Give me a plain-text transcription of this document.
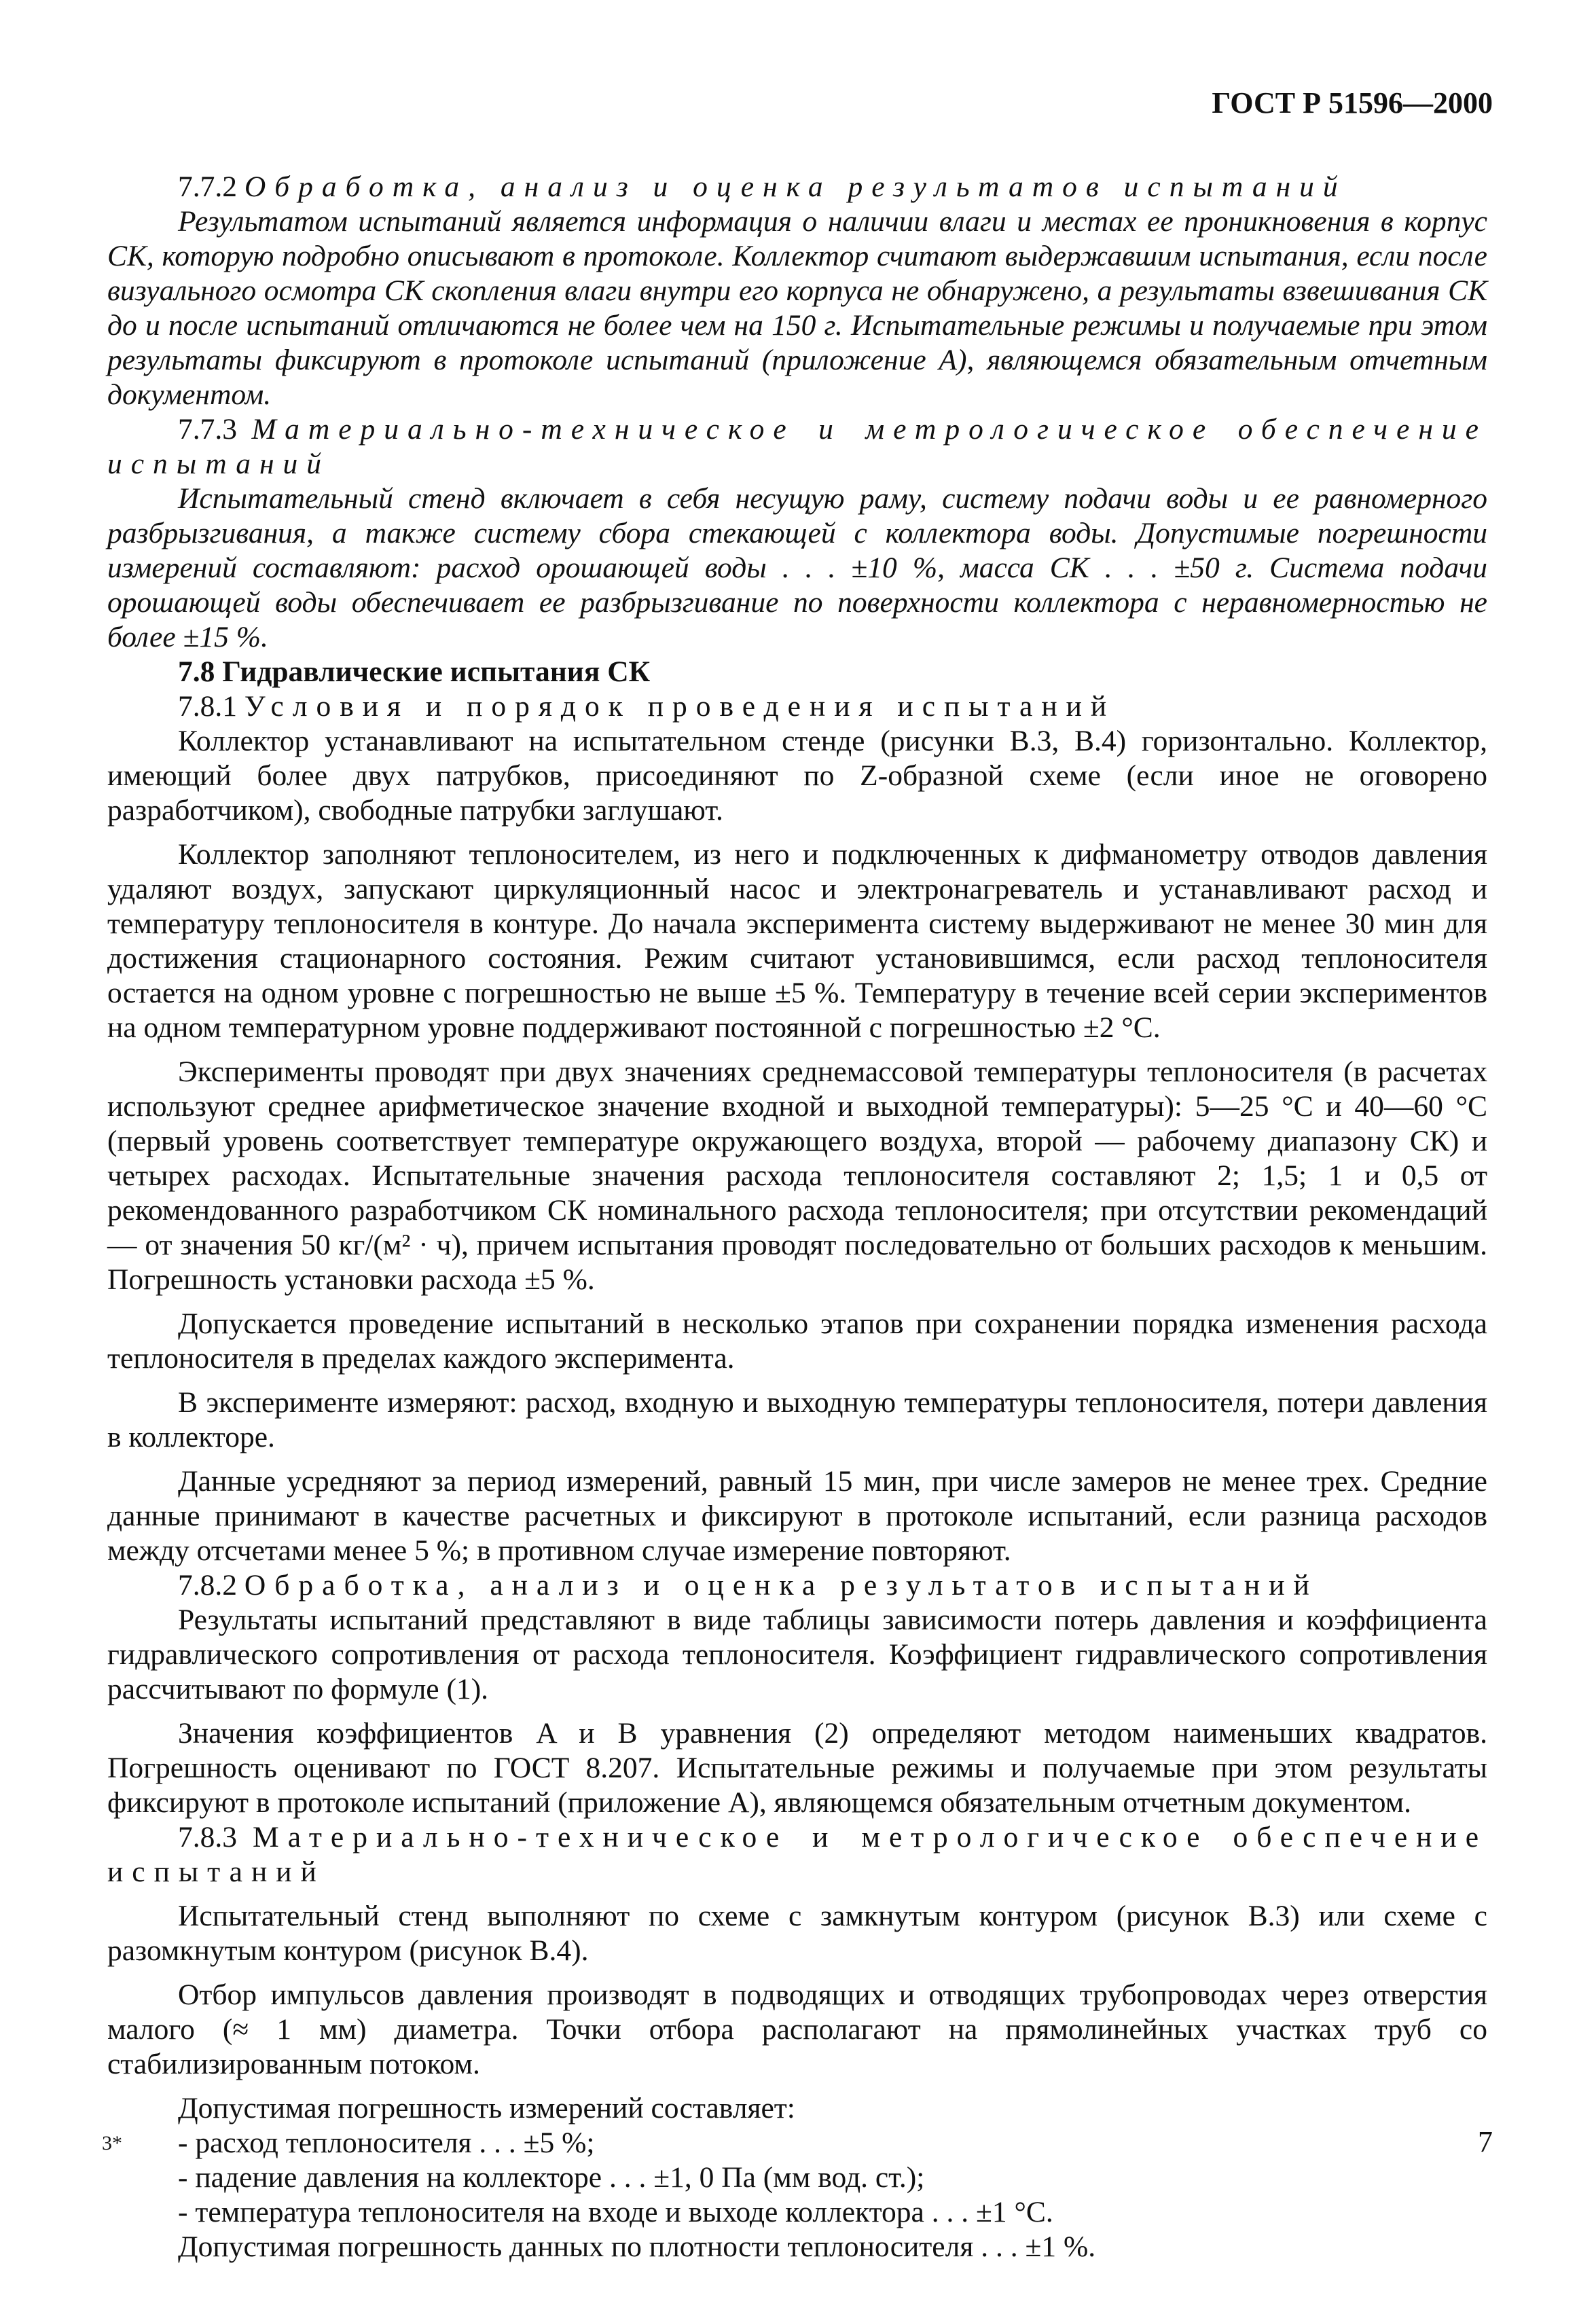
ГОСТ Р 51596—2000

7.7.2 Обработка, анализ и оценка результатов испытаний

Результатом испытаний является информация о наличии влаги и местах ее проникновения в корпус СК, которую подробно описывают в протоколе. Коллектор считают выдержавшим испытания, если после визуального осмотра СК скопления влаги внутри его корпуса не обнаружено, а результаты взвешивания СК до и после испытаний отличаются не более чем на 150 г. Испытательные режимы и получаемые при этом результаты фиксируют в протоколе испытаний (приложение А), являющемся обязательным отчетным документом.

7.7.3 Материально-техническое и метрологическое обеспечение испытаний

Испытательный стенд включает в себя несущую раму, систему подачи воды и ее равномерного разбрызгивания, а также систему сбора стекающей с коллектора воды. Допустимые погрешности измерений составляют: расход орошающей воды . . . ±10 %, масса СК . . . ±50 г. Система подачи орошающей воды обеспечивает ее разбрызгивание по поверхности коллектора с неравномерностью не более ±15 %.

7.8 Гидравлические испытания СК

7.8.1 Условия и порядок проведения испытаний

Коллектор устанавливают на испытательном стенде (рисунки В.3, В.4) горизонтально. Коллектор, имеющий более двух патрубков, присоединяют по Z-образной схеме (если иное не оговорено разработчиком), свободные патрубки заглушают.

Коллектор заполняют теплоносителем, из него и подключенных к дифманометру отводов давления удаляют воздух, запускают циркуляционный насос и электронагреватель и устанавливают расход и температуру теплоносителя в контуре. До начала эксперимента систему выдерживают не менее 30 мин для достижения стационарного состояния. Режим считают установившимся, если расход теплоносителя остается на одном уровне с погрешностью не выше ±5 %. Температуру в течение всей серии экспериментов на одном температурном уровне поддерживают постоянной с погрешностью ±2 °С.

Эксперименты проводят при двух значениях среднемассовой температуры теплоносителя (в расчетах используют среднее арифметическое значение входной и выходной температуры): 5—25 °С и 40—60 °С (первый уровень соответствует температуре окружающего воздуха, второй — рабочему диапазону СК) и четырех расходах. Испытательные значения расхода теплоносителя составляют 2; 1,5; 1 и 0,5 от рекомендованного разработчиком СК номинального расхода теплоносителя; при отсутствии рекомендаций — от значения 50 кг/(м² · ч), причем испытания проводят последовательно от больших расходов к меньшим. Погрешность установки расхода ±5 %.

Допускается проведение испытаний в несколько этапов при сохранении порядка изменения расхода теплоносителя в пределах каждого эксперимента.

В эксперименте измеряют: расход, входную и выходную температуры теплоносителя, потери давления в коллекторе.

Данные усредняют за период измерений, равный 15 мин, при числе замеров не менее трех. Средние данные принимают в качестве расчетных и фиксируют в протоколе испытаний, если разница расходов между отсчетами менее 5 %; в противном случае измерение повторяют.

7.8.2 Обработка, анализ и оценка результатов испытаний

Результаты испытаний представляют в виде таблицы зависимости потерь давления и коэффициента гидравлического сопротивления от расхода теплоносителя. Коэффициент гидравлического сопротивления рассчитывают по формуле (1).

Значения коэффициентов A и B уравнения (2) определяют методом наименьших квадратов. Погрешность оценивают по ГОСТ 8.207. Испытательные режимы и получаемые при этом результаты фиксируют в протоколе испытаний (приложение А), являющемся обязательным отчетным документом.

7.8.3 Материально-техническое и метрологическое обеспечение испытаний

Испытательный стенд выполняют по схеме с замкнутым контуром (рисунок В.3) или схеме с разомкнутым контуром (рисунок В.4).

Отбор импульсов давления производят в подводящих и отводящих трубопроводах через отверстия малого (≈ 1 мм) диаметра. Точки отбора располагают на прямолинейных участках труб со стабилизированным потоком.

Допустимая погрешность измерений составляет:

- расход теплоносителя . . . ±5 %;

- падение давления на коллекторе . . . ±1, 0 Па (мм вод. ст.);

- температура теплоносителя на входе и выходе коллектора . . . ±1 °С.

Допустимая погрешность данных по плотности теплоносителя . . . ±1 %.

3*	7
